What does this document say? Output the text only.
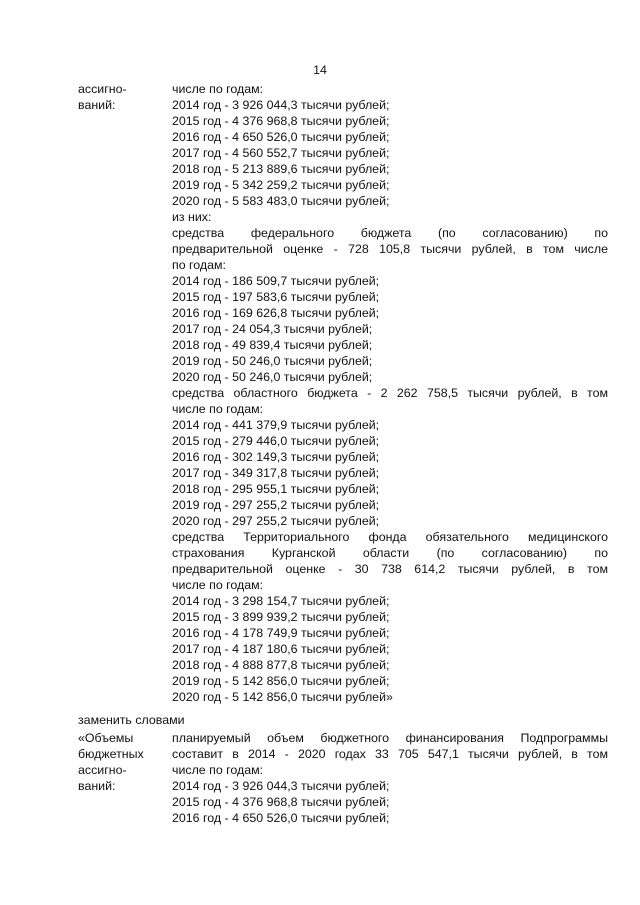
14
ассигно-
ваний:
числе по годам:
2014 год - 3 926 044,3 тысячи рублей;
2015 год - 4 376 968,8 тысячи рублей;
2016 год - 4 650 526,0 тысячи рублей;
2017 год - 4 560 552,7 тысячи рублей;
2018 год - 5 213 889,6 тысячи рублей;
2019 год - 5 342 259,2 тысячи рублей;
2020 год - 5 583 483,0 тысячи рублей;
из них:
средства федерального бюджета (по согласованию) по
предварительной оценке - 728 105,8 тысячи рублей, в том числе
по годам:
2014 год - 186 509,7 тысячи рублей;
2015 год - 197 583,6 тысячи рублей;
2016 год - 169 626,8 тысячи рублей;
2017 год - 24 054,3 тысячи рублей;
2018 год - 49 839,4 тысячи рублей;
2019 год - 50 246,0 тысячи рублей;
2020 год - 50 246,0 тысячи рублей;
средства областного бюджета - 2 262 758,5 тысячи рублей, в том
числе по годам:
2014 год - 441 379,9 тысячи рублей;
2015 год - 279 446,0 тысячи рублей;
2016 год - 302 149,3 тысячи рублей;
2017 год - 349 317,8 тысячи рублей;
2018 год - 295 955,1 тысячи рублей;
2019 год - 297 255,2 тысячи рублей;
2020 год - 297 255,2 тысячи рублей;
средства Территориального фонда обязательного медицинского
страхования Курганской области (по согласованию) по
предварительной оценке - 30 738 614,2 тысячи рублей, в том
числе по годам:
2014 год - 3 298 154,7 тысячи рублей;
2015 год - 3 899 939,2 тысячи рублей;
2016 год - 4 178 749,9 тысячи рублей;
2017 год - 4 187 180,6 тысячи рублей;
2018 год - 4 888 877,8 тысячи рублей;
2019 год - 5 142 856,0 тысячи рублей;
2020 год - 5 142 856,0 тысячи рублей»
заменить словами
«Объемы
бюджетных
ассигно-
ваний:
планируемый объем бюджетного финансирования Подпрограммы
составит в 2014 - 2020 годах 33 705 547,1 тысячи рублей, в том
числе по годам:
2014 год - 3 926 044,3 тысячи рублей;
2015 год - 4 376 968,8 тысячи рублей;
2016 год - 4 650 526,0 тысячи рублей;
